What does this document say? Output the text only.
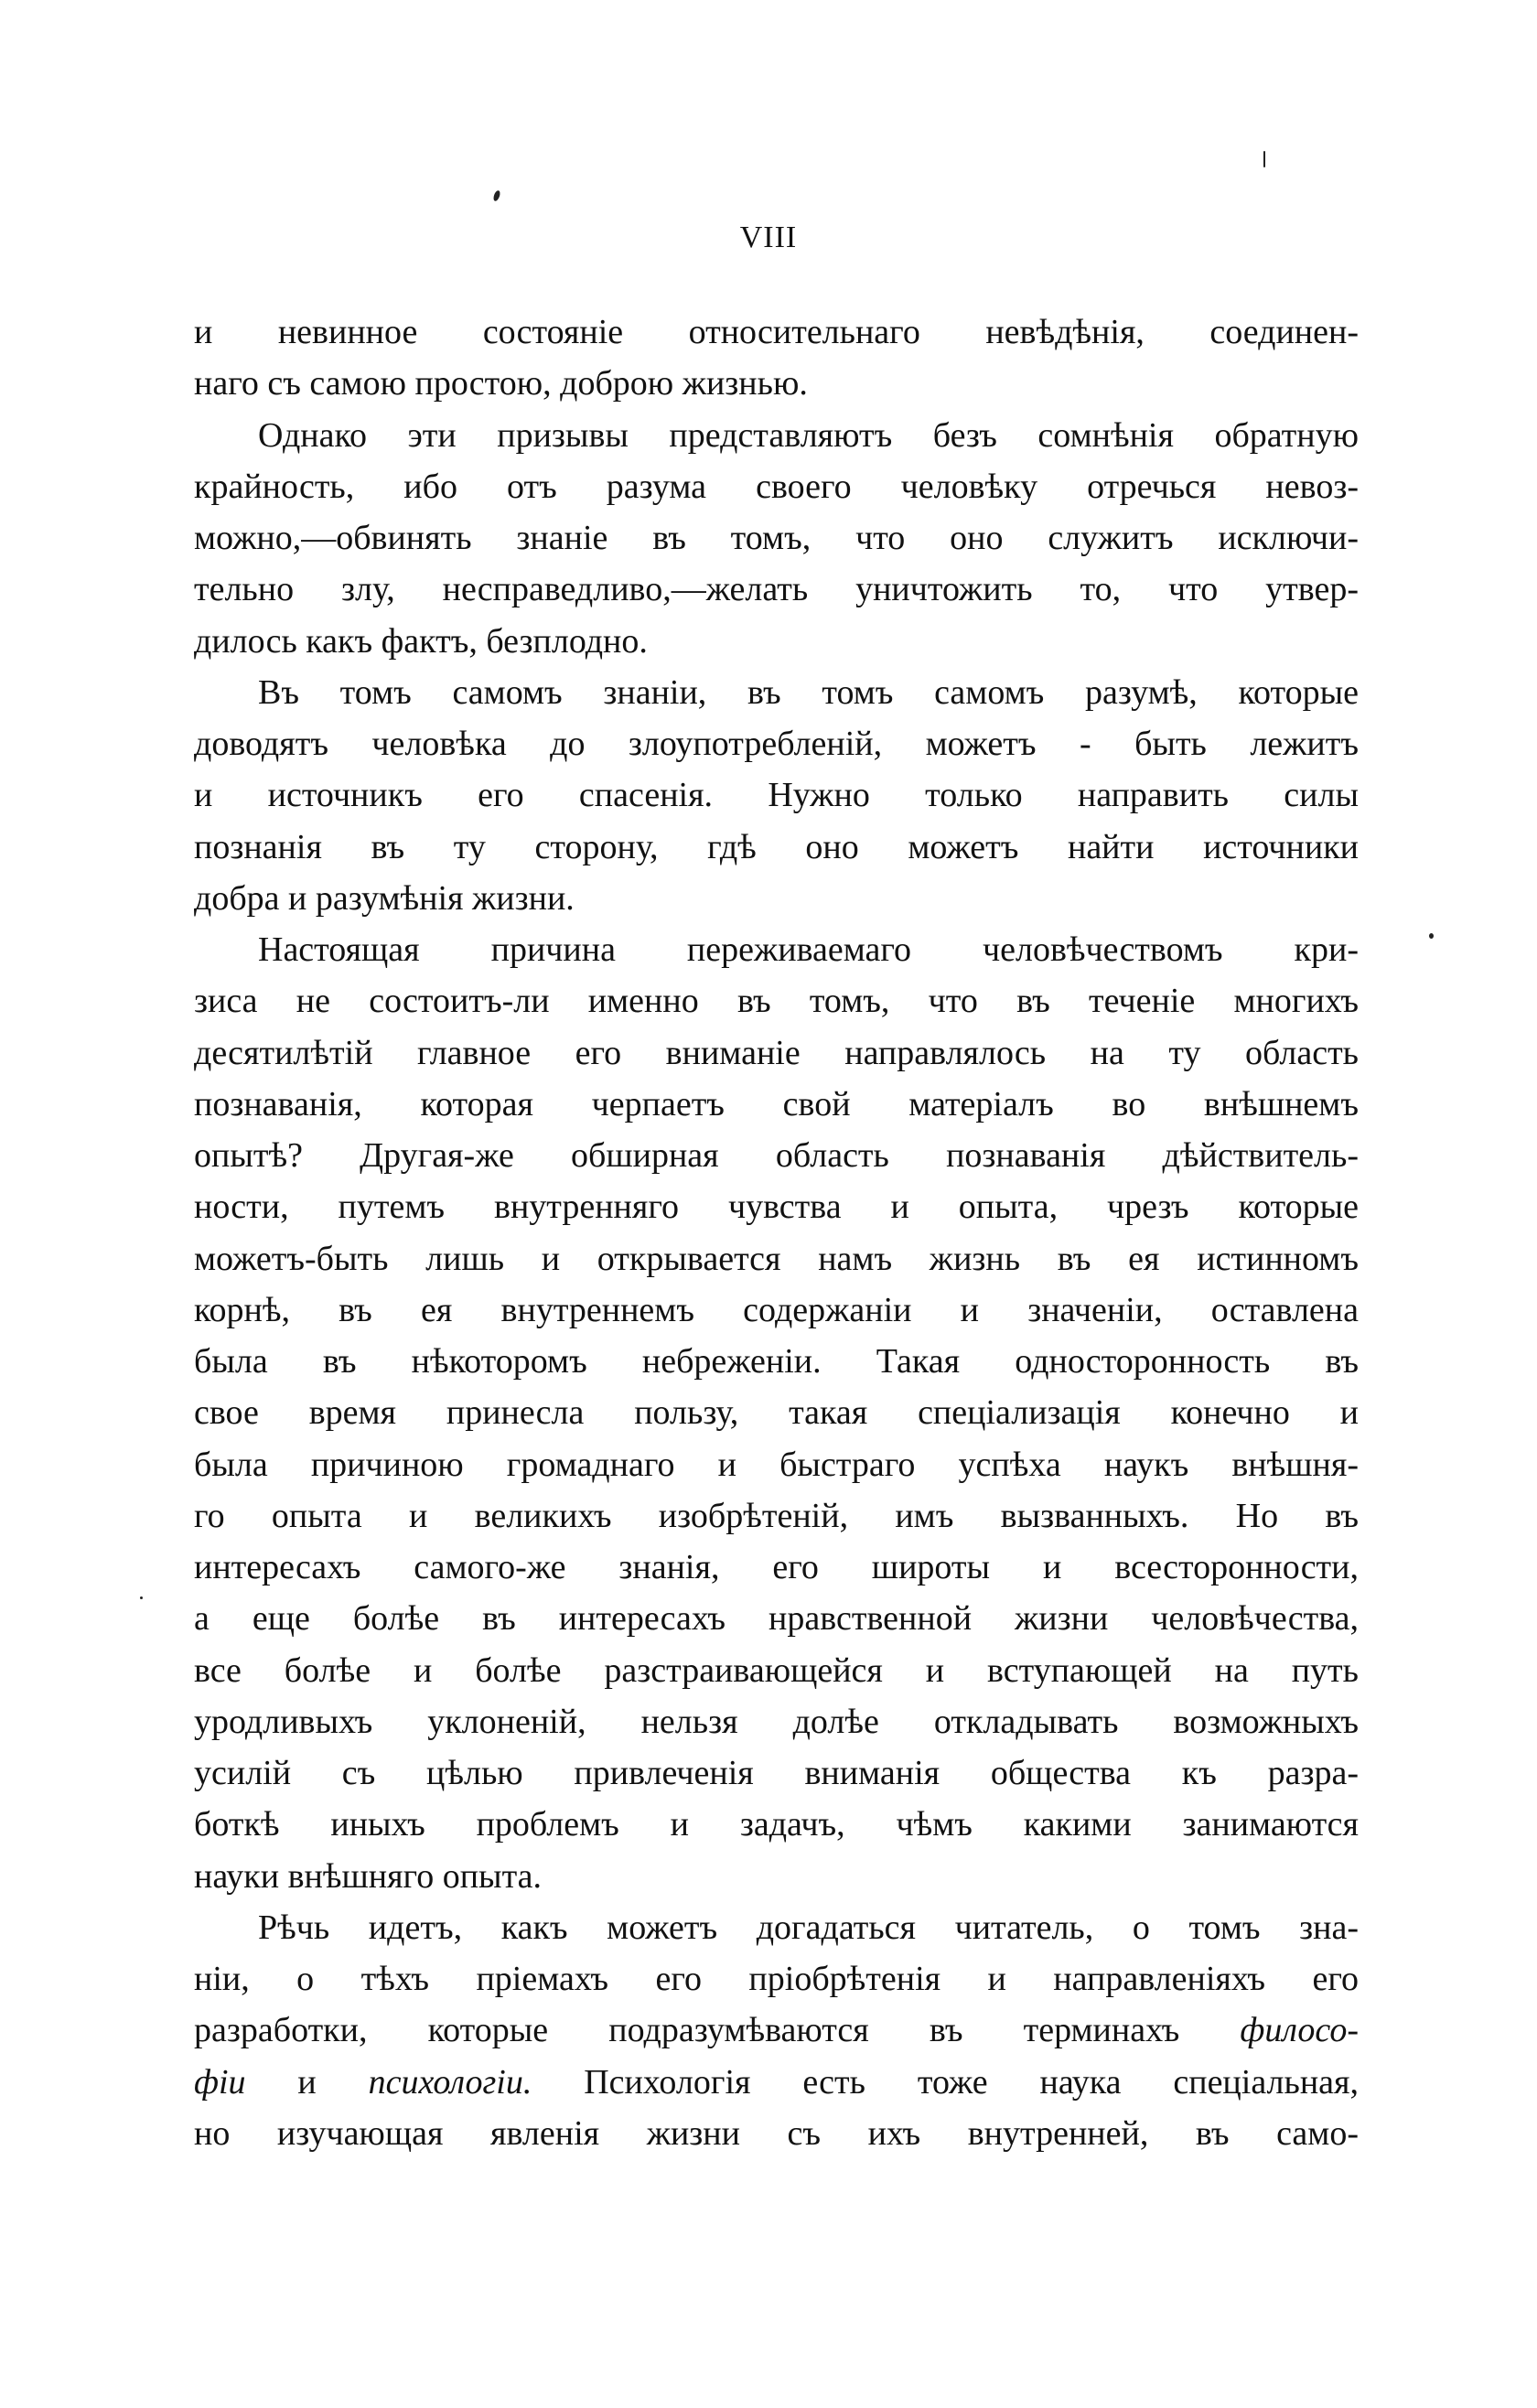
VIII
и невинное состоянiе относительнаго невѣдѣнiя, соединен-
наго съ самою простою, доброю жизнью.
Однако эти призывы представляютъ безъ сомнѣнiя обратную
крайность, ибо отъ разума своего человѣку отречься невоз-
можно,—обвинять знанiе въ томъ, что оно служитъ исключи-
тельно злу, несправедливо,—желать уничтожить то, что утвер-
дилось какъ фактъ, безплодно.
Въ томъ самомъ знанiи, въ томъ самомъ разумѣ, которые
доводятъ человѣка до злоупотребленiй, можетъ - быть лежитъ
и источникъ его спасенiя. Нужно только направить силы
познанiя въ ту сторону, гдѣ оно можетъ найти источники
добра и разумѣнiя жизни.
Настоящая причина переживаемаго человѣчествомъ кри-
зиса не состоитъ-ли именно въ томъ, что въ теченiе многихъ
десятилѣтiй главное его вниманiе направлялось на ту область
познаванiя, которая черпаетъ свой матерiалъ во внѣшнемъ
опытѣ? Другая-же обширная область познаванiя дѣйствитель-
ности, путемъ внутренняго чувства и опыта, чрезъ которые
можетъ-быть лишь и открывается намъ жизнь въ ея истинномъ
корнѣ, въ ея внутреннемъ содержанiи и значенiи, оставлена
была въ нѣкоторомъ небреженiи. Такая односторонность въ
свое время принесла пользу, такая спецiализацiя конечно и
была причиною громаднаго и быстраго успѣха наукъ внѣшня-
го опыта и великихъ изобрѣтенiй, имъ вызванныхъ. Но въ
интересахъ самого-же знанiя, его широты и всесторонности,
а еще болѣе въ интересахъ нравственной жизни человѣчества,
все болѣе и болѣе разстраивающейся и вступающей на путь
уродливыхъ уклоненiй, нельзя долѣе откладывать возможныхъ
усилiй съ цѣлью привлеченiя вниманiя общества къ разра-
боткѣ иныхъ проблемъ и задачъ, чѣмъ какими занимаются
науки внѣшняго опыта.
Рѣчь идетъ, какъ можетъ догадаться читатель, о томъ зна-
нiи, о тѣхъ прiемахъ его прiобрѣтенiя и направленiяхъ его
разработки, которые подразумѣваются въ терминахъ филосо-
фiи и психологiи. Психологiя есть тоже наука спецiальная,
но изучающая явленiя жизни съ ихъ внутренней, въ само-
